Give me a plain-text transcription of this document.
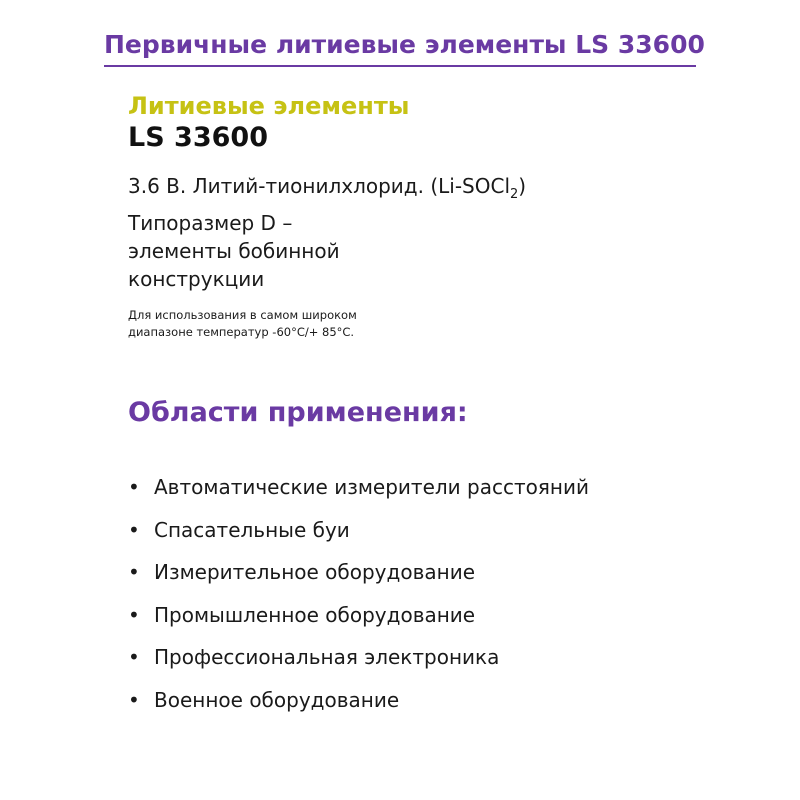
Первичные литиевые элементы LS 33600
Литиевые элементы
LS 33600
3.6 В. Литий-тионилхлорид. (Li-SOCl$_2$)
Типоразмер D –
элементы бобинной
конструкции
Для использования в самом широком
диапазоне температур -60°C/+ 85°C.
Области применения:
• Автоматические измерители расстояний
• Спасательные буи
• Измерительное оборудование
• Промышленное оборудование
• Профессиональная электроника
• Военное оборудование
